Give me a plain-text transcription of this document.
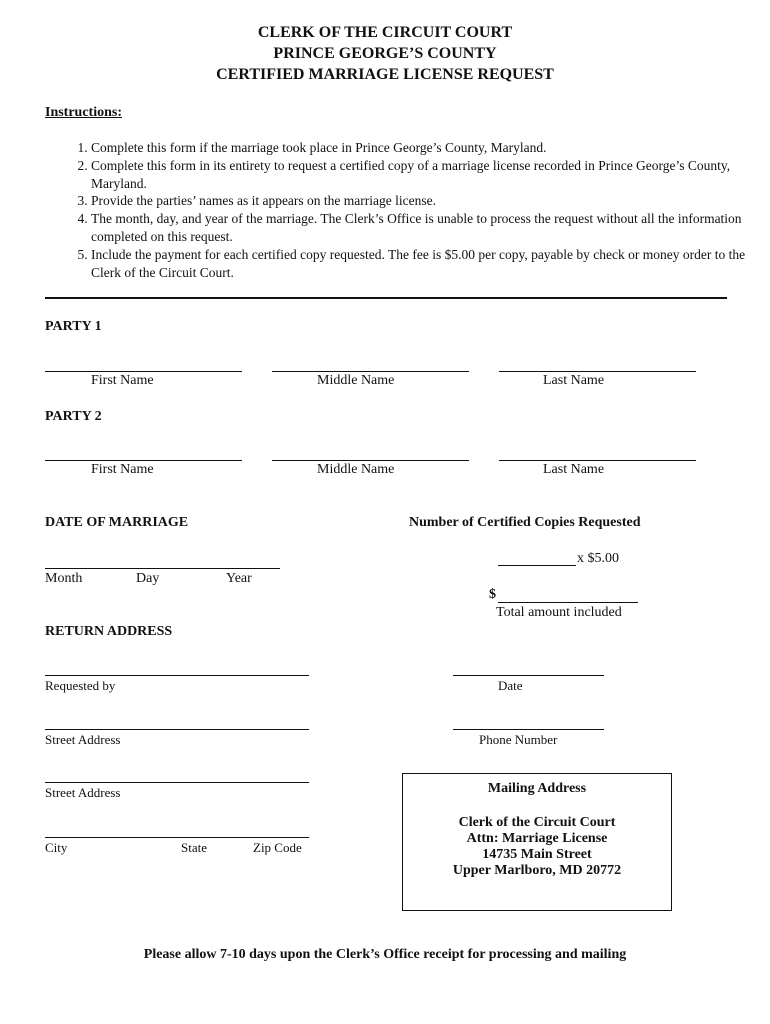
CLERK OF THE CIRCUIT COURT
PRINCE GEORGE’S COUNTY
CERTIFIED MARRIAGE LICENSE REQUEST
Instructions:
1. Complete this form if the marriage took place in Prince George’s County, Maryland.
2. Complete this form in its entirety to request a certified copy of a marriage license recorded in Prince George’s County, Maryland.
3. Provide the parties’ names as it appears on the marriage license.
4. The month, day, and year of the marriage. The Clerk’s Office is unable to process the request without all the information completed on this request.
5. Include the payment for each certified copy requested. The fee is $5.00 per copy, payable by check or money order to the Clerk of the Circuit Court.
PARTY 1
First Name	Middle Name	Last Name
PARTY 2
First Name	Middle Name	Last Name
DATE OF MARRIAGE
Month	Day	Year
Number of Certified Copies Requested
x $5.00
$
Total amount included
RETURN ADDRESS
Requested by	Date
Street Address	Phone Number
Street Address
City	State	Zip Code
Mailing Address
Clerk of the Circuit Court
Attn: Marriage License
14735 Main Street
Upper Marlboro, MD 20772
Please allow 7-10 days upon the Clerk’s Office receipt for processing and mailing
